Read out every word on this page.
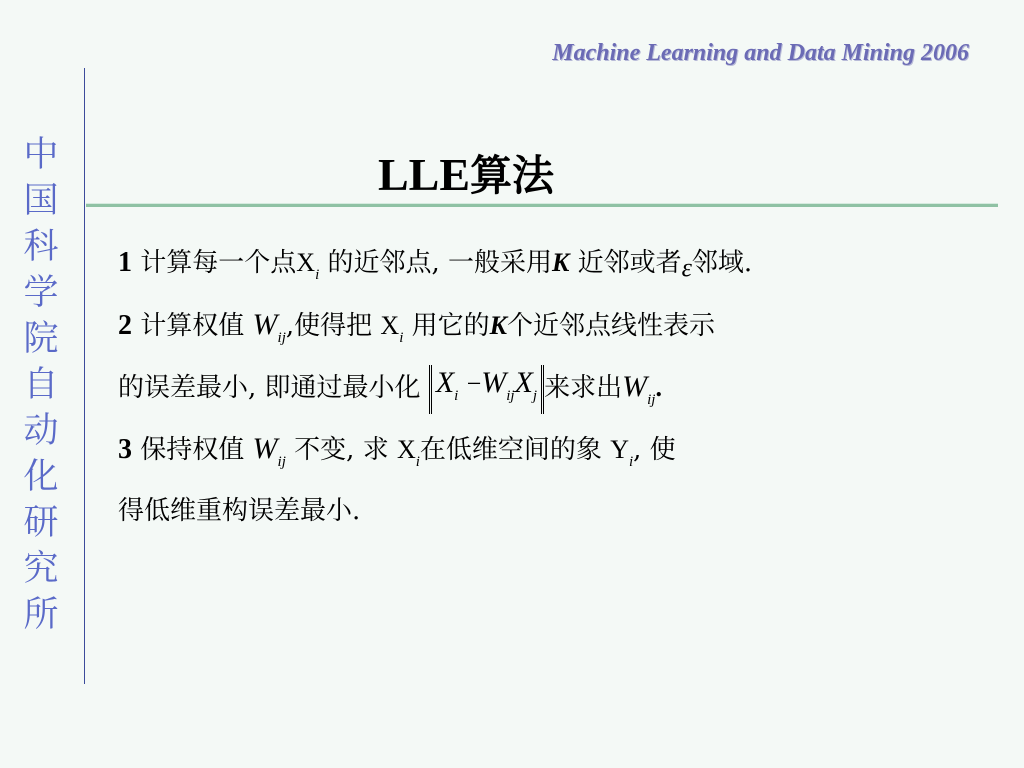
Machine Learning and Data Mining 2006
中
国
科
学
院
自
动
化
研
究
所
LLE算法
1 计算每一个点$X_i$ 的近邻点, 一般采用K 近邻或者ε邻域.
2 计算权值 $W_{ij}$,使得把 $X_i$ 用它的K个近邻点线性表示
的误差最小, 即通过最小化 $X_i -W_{ij}X_j$ 来求出$W_{ij}$.
3 保持权值 $W_{ij}$ 不变, 求 $X_i$在低维空间的象 $Y_i$, 使
得低维重构误差最小.
